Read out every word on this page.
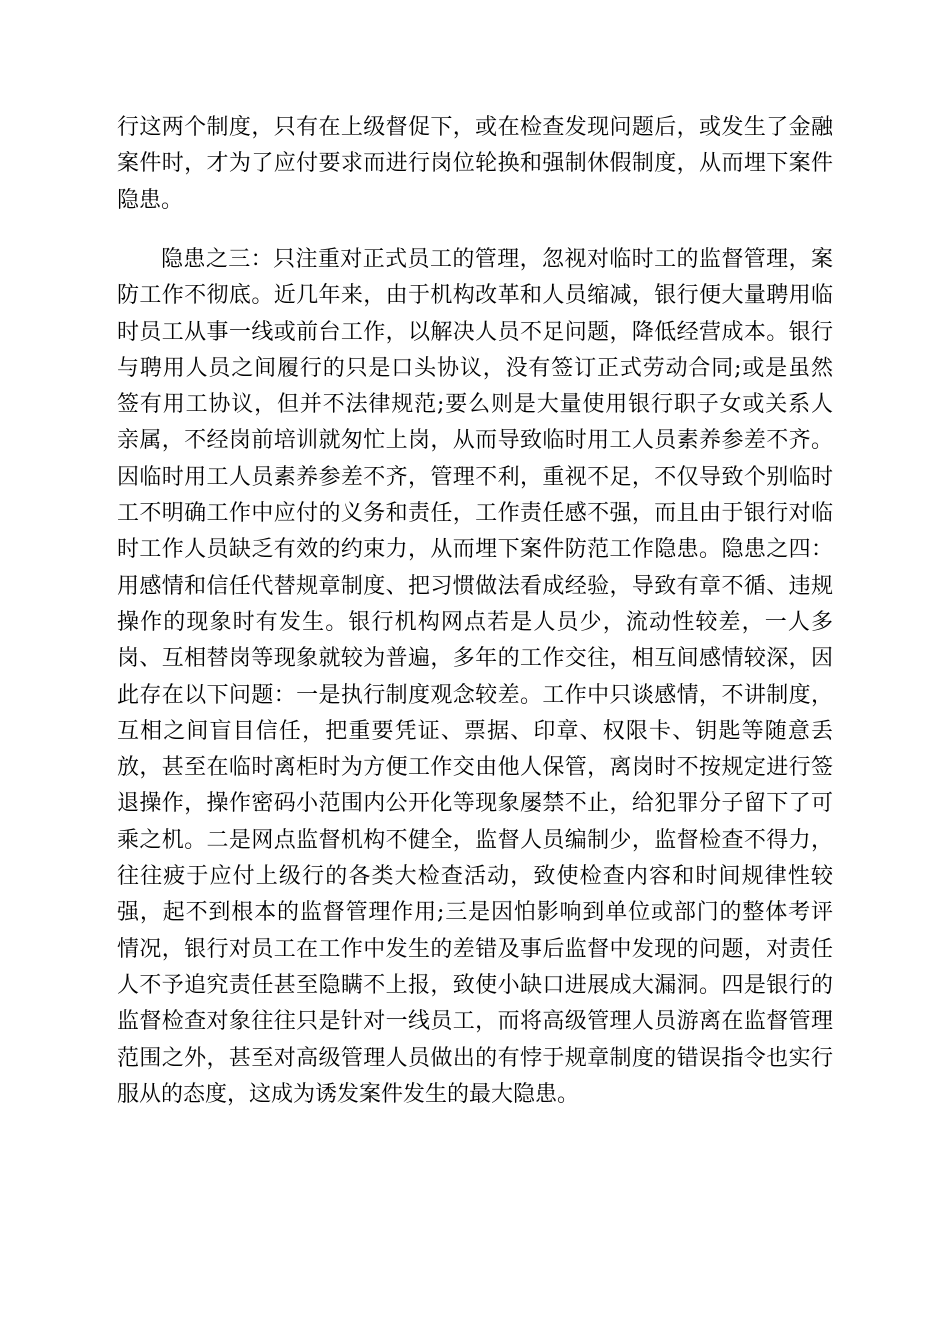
行这两个制度，只有在上级督促下，或在检查发现问题后，或发生了金融
案件时，才为了应付要求而进行岗位轮换和强制休假制度，从而埋下案件
隐患。
隐患之三：只注重对正式员工的管理，忽视对临时工的监督管理，案
防工作不彻底。近几年来，由于机构改革和人员缩减，银行便大量聘用临
时员工从事一线或前台工作，以解决人员不足问题，降低经营成本。银行
与聘用人员之间履行的只是口头协议，没有签订正式劳动合同;或是虽然
签有用工协议，但并不法律规范;要么则是大量使用银行职子女或关系人
亲属，不经岗前培训就匆忙上岗，从而导致临时用工人员素养参差不齐。
因临时用工人员素养参差不齐，管理不利，重视不足，不仅导致个别临时
工不明确工作中应付的义务和责任，工作责任感不强，而且由于银行对临
时工作人员缺乏有效的约束力，从而埋下案件防范工作隐患。隐患之四：
用感情和信任代替规章制度、把习惯做法看成经验，导致有章不循、违规
操作的现象时有发生。银行机构网点若是人员少，流动性较差，一人多
岗、互相替岗等现象就较为普遍，多年的工作交往，相互间感情较深，因
此存在以下问题：一是执行制度观念较差。工作中只谈感情，不讲制度，
互相之间盲目信任，把重要凭证、票据、印章、权限卡、钥匙等随意丢
放，甚至在临时离柜时为方便工作交由他人保管，离岗时不按规定进行签
退操作，操作密码小范围内公开化等现象屡禁不止，给犯罪分子留下了可
乘之机。二是网点监督机构不健全，监督人员编制少，监督检查不得力，
往往疲于应付上级行的各类大检查活动，致使检查内容和时间规律性较
强，起不到根本的监督管理作用;三是因怕影响到单位或部门的整体考评
情况，银行对员工在工作中发生的差错及事后监督中发现的问题，对责任
人不予追究责任甚至隐瞒不上报，致使小缺口进展成大漏洞。四是银行的
监督检查对象往往只是针对一线员工，而将高级管理人员游离在监督管理
范围之外，甚至对高级管理人员做出的有悖于规章制度的错误指令也实行
服从的态度，这成为诱发案件发生的最大隐患。
